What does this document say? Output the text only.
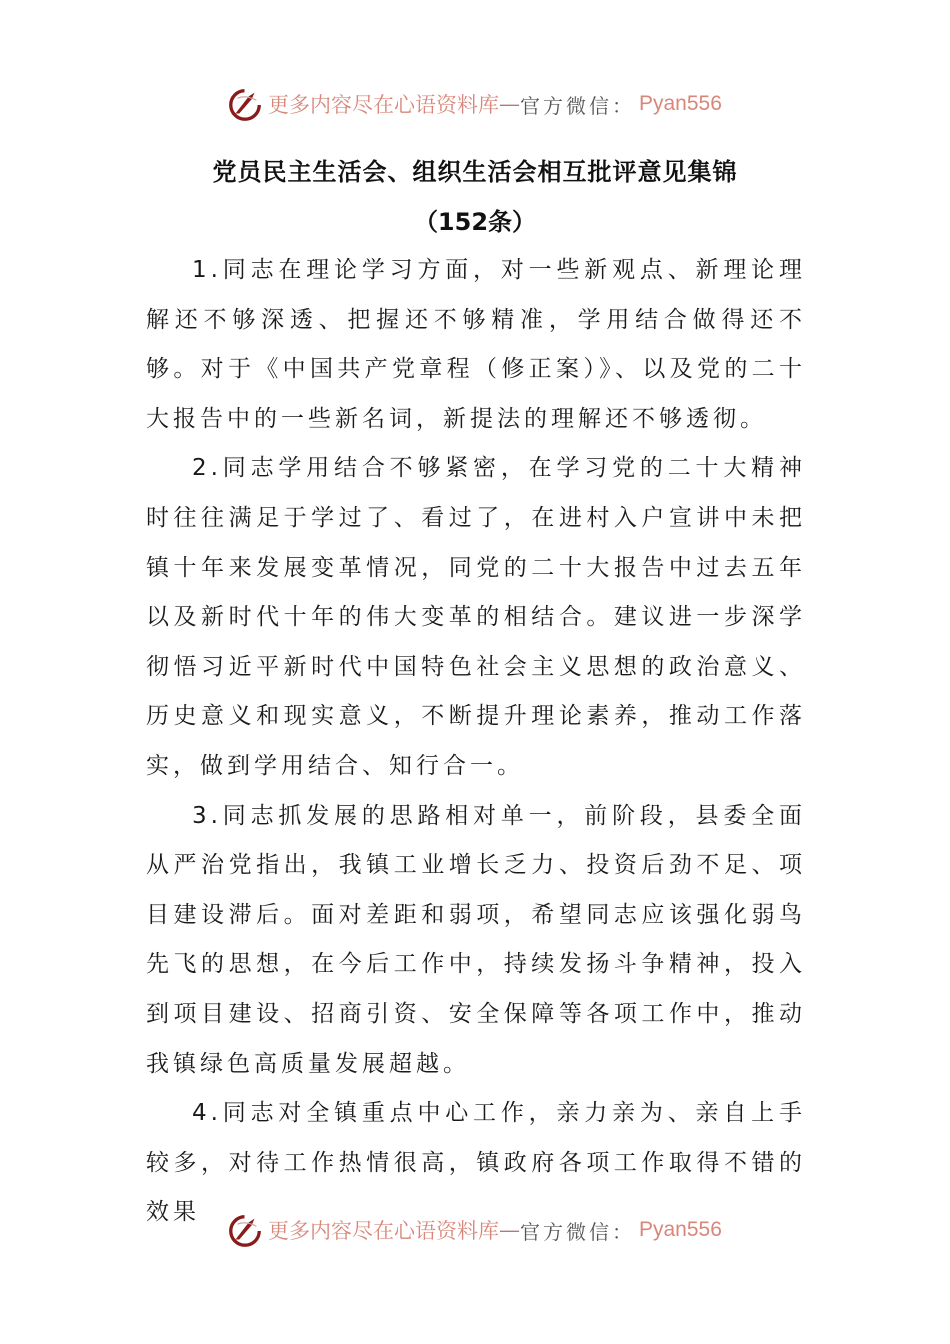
更多内容尽在心语资料库 — 官方微信： Pyan556
党员民主生活会、组织生活会相互批评意见集锦
（152条）

1.同志在理论学习方面，对一些新观点、新理论理解还不够深透、把握还不够精准，学用结合做得还不够。对于《中国共产党章程（修正案）》、以及党的二十大报告中的一些新名词，新提法的理解还不够透彻。

2.同志学用结合不够紧密，在学习党的二十大精神时往往满足于学过了、看过了，在进村入户宣讲中未把镇十年来发展变革情况，同党的二十大报告中过去五年以及新时代十年的伟大变革的相结合。建议进一步深学彻悟习近平新时代中国特色社会主义思想的政治意义、历史意义和现实意义，不断提升理论素养，推动工作落实，做到学用结合、知行合一。

3.同志抓发展的思路相对单一，前阶段，县委全面从严治党指出，我镇工业增长乏力、投资后劲不足、项目建设滞后。面对差距和弱项，希望同志应该强化弱鸟先飞的思想，在今后工作中，持续发扬斗争精神，投入到项目建设、招商引资、安全保障等各项工作中，推动我镇绿色高质量发展超越。

4.同志对全镇重点中心工作，亲力亲为、亲自上手较多，对待工作热情很高，镇政府各项工作取得不错的效果

更多内容尽在心语资料库 — 官方微信： Pyan556
